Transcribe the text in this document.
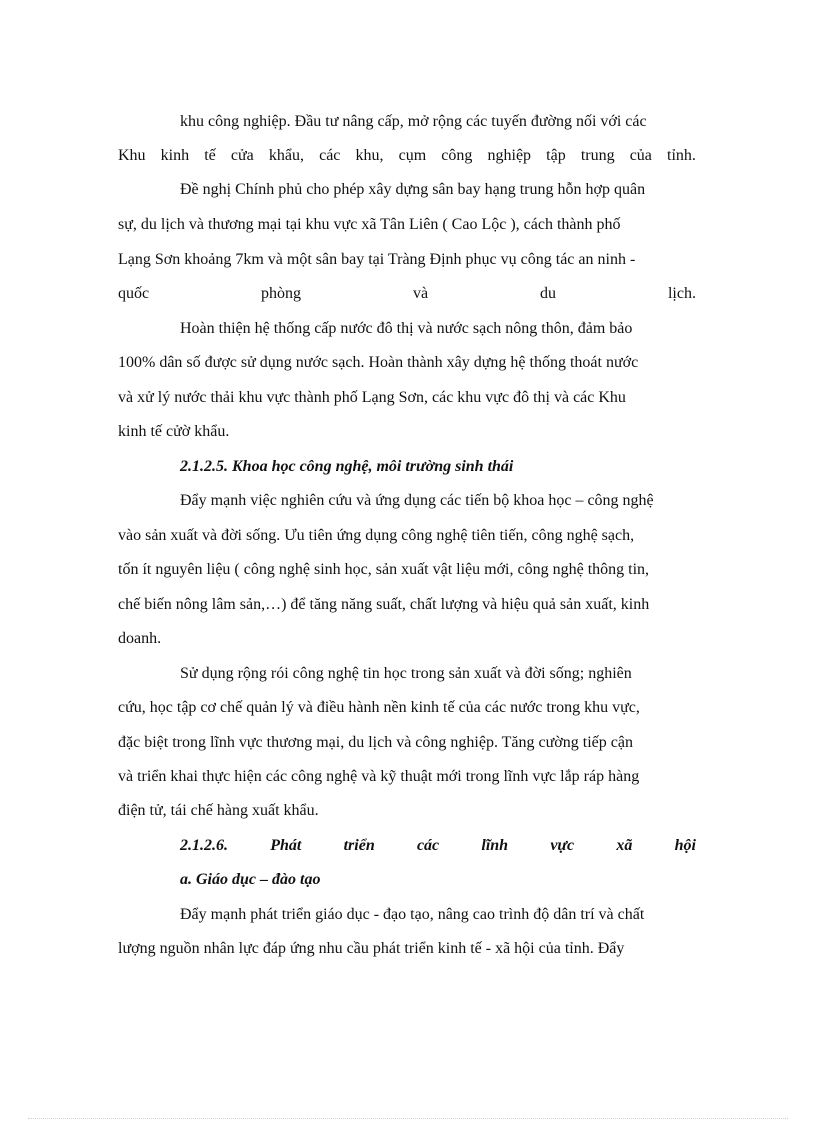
khu công nghiệp. Đầu tư nâng cấp, mở rộng các tuyến đường nối với các
Khu kinh tế cửa khẩu, các khu, cụm công nghiệp tập trung của tỉnh.
Đề nghị Chính phủ cho phép xây dựng sân bay hạng trung hỗn hợp quân
sự, du lịch và thương mại tại khu vực xã Tân Liên ( Cao Lộc ), cách thành phố
Lạng Sơn khoảng 7km và một sân bay tại Tràng Định phục vụ công tác an ninh -
quốc	phòng	và	du	lịch.
Hoàn thiện hệ thống cấp nước đô thị và nước sạch nông thôn, đảm bảo
100% dân số được sử dụng nước sạch. Hoàn thành xây dựng hệ thống thoát nước
và xử lý nước thải khu vực thành phố Lạng Sơn, các khu vực đô thị và các Khu
kinh tế cửờ khẩu.
2.1.2.5. Khoa học công nghệ, môi trường sinh thái
Đẩy mạnh việc nghiên cứu và ứng dụng các tiến bộ khoa học – công nghệ
vào sản xuất và đời sống. Ưu tiên ứng dụng công nghệ tiên tiến, công nghệ sạch,
tốn ít nguyên liệu ( công nghệ sinh học, sản xuất vật liệu mới, công nghệ thông tin,
chế biến nông lâm sản,…) để tăng năng suất, chất lượng và hiệu quả sản xuất, kinh
doanh.
Sử dụng rộng rói công nghệ tin học trong sản xuất và đời sống; nghiên
cứu, học tập cơ chế quản lý và điều hành nền kinh tế của các nước trong khu vực,
đặc biệt trong lĩnh vực thương mại, du lịch và công nghiệp. Tăng cường tiếp cận
và triển khai thực hiện các công nghệ và kỹ thuật mới trong lĩnh vực lắp ráp hàng
điện tử, tái chế hàng xuất khẩu.
2.1.2.6.	Phát	triển	các	lĩnh	vực	xã	hội
a. Giáo dục – đào tạo
Đẩy mạnh phát triển giáo dục - đạo tạo, nâng cao trình độ dân trí và chất
lượng nguồn nhân lực đáp ứng nhu cầu phát triển kinh tế - xã hội của tỉnh. Đẩy
